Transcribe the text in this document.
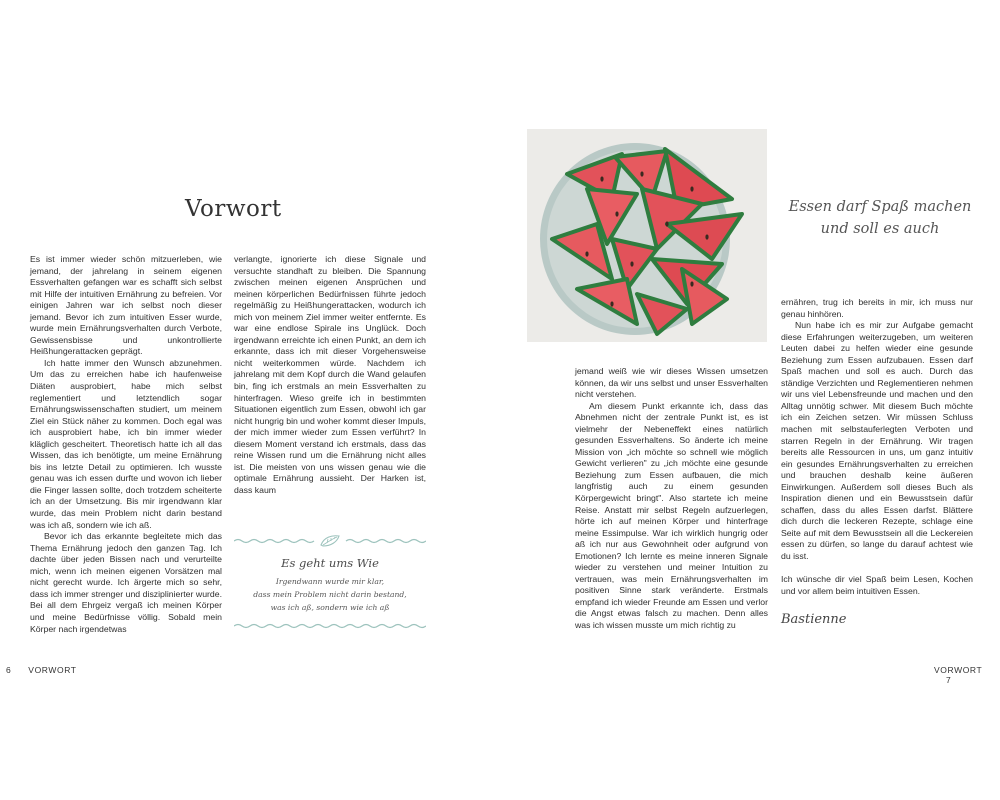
Vorwort

Es ist immer wieder schön mitzuerleben, wie jemand, der jahrelang in seinem eigenen Essverhalten gefangen war es schafft sich selbst mit Hilfe der intuitiven Ernährung zu befreien. Vor einigen Jahren war ich selbst noch dieser jemand. Bevor ich zum intuitiven Esser wurde, wurde mein Ernährungsverhalten durch Verbote, Gewissensbisse und unkontrollierte Heißhungerattacken geprägt.

Ich hatte immer den Wunsch abzunehmen. Um das zu erreichen habe ich haufenweise Diäten ausprobiert, habe mich selbst reglementiert und letztendlich sogar Ernährungswissenschaften studiert, um meinem Ziel ein Stück näher zu kommen. Doch egal was ich ausprobiert habe, ich bin immer wieder kläglich gescheitert. Theoretisch hatte ich all das Wissen, das ich benötigte, um meine Ernährung bis ins letzte Detail zu optimieren. Ich wusste genau was ich essen durfte und wovon ich lieber die Finger lassen sollte, doch trotzdem scheiterte ich an der Umsetzung. Bis mir irgendwann klar wurde, das mein Problem nicht darin bestand was ich aß, sondern wie ich aß.

Bevor ich das erkannte begleitete mich das Thema Ernährung jedoch den ganzen Tag. Ich dachte über jeden Bissen nach und verurteilte mich, wenn ich meinen eigenen Vorsätzen mal nicht gerecht wurde. Ich ärgerte mich so sehr, dass ich immer strenger und disziplinierter wurde. Bei all dem Ehrgeiz vergaß ich meinen Körper und meine Bedürfnisse völlig. Sobald mein Körper nach irgendetwas

verlangte, ignorierte ich diese Signale und versuchte standhaft zu bleiben. Die Spannung zwischen meinen eigenen Ansprüchen und meinen körperlichen Bedürfnissen führte jedoch regelmäßig zu Heißhungerattacken, wodurch ich mich von meinem Ziel immer weiter entfernte. Es war eine endlose Spirale ins Unglück. Doch irgendwann erreichte ich einen Punkt, an dem ich erkannte, dass ich mit dieser Vorgehensweise nicht weiterkommen würde. Nachdem ich jahrelang mit dem Kopf durch die Wand gelaufen bin, fing ich erstmals an mein Essverhalten zu hinterfragen. Wieso greife ich in bestimmten Situationen eigentlich zum Essen, obwohl ich gar nicht hungrig bin und woher kommt dieser Impuls, der mich immer wieder zum Essen verführt? In diesem Moment verstand ich erstmals, dass das reine Wissen rund um die Ernährung nicht alles ist. Die meisten von uns wissen genau wie die optimale Ernährung aussieht. Der Harken ist, dass kaum

Es geht ums Wie
Irgendwann wurde mir klar,
dass mein Problem nicht darin bestand,
was ich aß, sondern wie ich aß
6 VORWORT
Essen darf Spaß machen
und soll es auch

jemand weiß wie wir dieses Wissen umsetzen können, da wir uns selbst und unser Essverhalten nicht verstehen.

Am diesem Punkt erkannte ich, dass das Abnehmen nicht der zentrale Punkt ist, es ist vielmehr der Nebeneffekt eines natürlich gesunden Essverhaltens. So änderte ich meine Mission von „ich möchte so schnell wie möglich Gewicht verlieren" zu „ich möchte eine gesunde Beziehung zum Essen aufbauen, die mich langfristig auch zu einem gesunden Körpergewicht bringt". Also startete ich meine Reise. Anstatt mir selbst Regeln aufzuerlegen, hörte ich auf meinen Körper und hinterfrage meine Essimpulse. War ich wirklich hungrig oder aß ich nur aus Gewohnheit oder aufgrund von Emotionen? Ich lernte es meine inneren Signale wieder zu verstehen und meiner Intuition zu vertrauen, was mein Ernährungsverhalten im positiven Sinne stark veränderte. Erstmals empfand ich wieder Freunde am Essen und verlor die Angst etwas falsch zu machen. Denn alles was ich wissen musste um mich richtig zu

ernähren, trug ich bereits in mir, ich muss nur genau hinhören.

Nun habe ich es mir zur Aufgabe gemacht diese Erfahrungen weiterzugeben, um weiteren Leuten dabei zu helfen wieder eine gesunde Beziehung zum Essen aufzubauen. Essen darf Spaß machen und soll es auch. Durch das ständige Verzichten und Reglementieren nehmen wir uns viel Lebensfreunde und machen und den Alltag unnötig schwer. Mit diesem Buch möchte ich ein Zeichen setzen. Wir müssen Schluss machen mit selbstauferlegten Verboten und starren Regeln in der Ernährung. Wir tragen bereits alle Ressourcen in uns, um ganz intuitiv ein gesundes Ernährungsverhalten zu erreichen und brauchen deshalb keine äußeren Einwirkungen. Außerdem soll dieses Buch als Inspiration dienen und ein Bewusstsein dafür schaffen, dass du alles Essen darfst. Blättere dich durch die leckeren Rezepte, schlage eine Seite auf mit dem Bewusstsein all die Leckereien essen zu dürfen, so lange du darauf achtest wie du isst.

Ich wünsche dir viel Spaß beim Lesen, Kochen und vor allem beim intuitiven Essen.

Bastienne
VORWORT 7
